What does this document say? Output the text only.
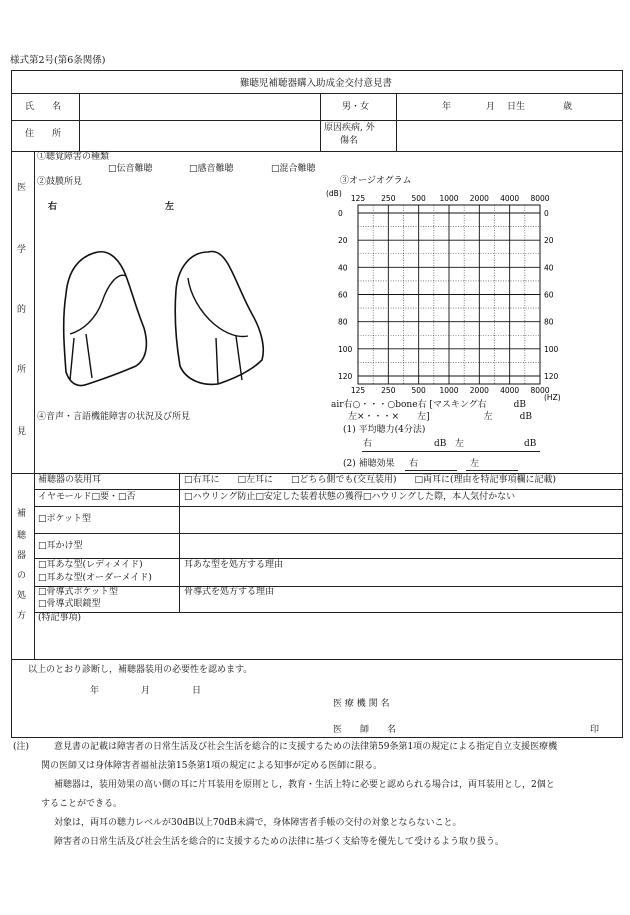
様式第2号(第6条関係)
難聴児補聴器購入助成金交付意見書
氏　　名	男・女	年	月 日生	歳
住　　所
原因疾病, 外
傷名
医
学
的
所
見
①聴覚障害の種類
□伝音難聴	□感音難聴	□混合難聴
②鼓膜所見
右	左
④音声・言語機能障害の状況及び所見
③オージオグラム
(dB)
(HZ)
0	0
20	20
40	40
60	60
80	80
100	100
120	120
125
125
250
250
500
500
1000
1000
2000
2000
4000
4000
8000
8000
air右○・・・○bone右 [マスキング右　　　dB
左×・・・×　　左]　　　　　　左　　　dB
(1) 平均聴力(4分法)
右	dB 左	dB
(2) 補聴効果 右	左
補
聴
器
の
処
方
補聴器の装用耳	□右耳に　　□左耳に　　□どちら側でも(交互装用)　　□両耳に(理由を特記事項欄に記載)
イヤモールド□要・□否	□ハウリング防止□安定した装着状態の獲得□ハウリングした際，本人気付かない
□ポケット型
□耳かけ型
□耳あな型(レディメイド)
□耳あな型(オーダーメイド)
耳あな型を処方する理由
□骨導式ポケット型
□骨導式眼鏡型
骨導式を処方する理由
(特記事項)
以上のとおり診断し，補聴器装用の必要性を認めます。
年	月	日
医 療 機 関 名
医　　師　　名	印
(注)	意見書の記載は障害者の日常生活及び社会生活を総合的に支援するための法律第59条第1項の規定による指定自立支援医療機
関の医師又は身体障害者福祉法第15条第1項の規定による知事が定める医師に限る。
補聴器は，装用効果の高い側の耳に片耳装用を原則とし，教育・生活上特に必要と認められる場合は，両耳装用とし，2個と
することができる。
対象は，両耳の聴力レベルが30dB以上70dB未満で，身体障害者手帳の交付の対象とならないこと。
障害者の日常生活及び社会生活を総合的に支援するための法律に基づく支給等を優先して受けるよう取り扱う。
